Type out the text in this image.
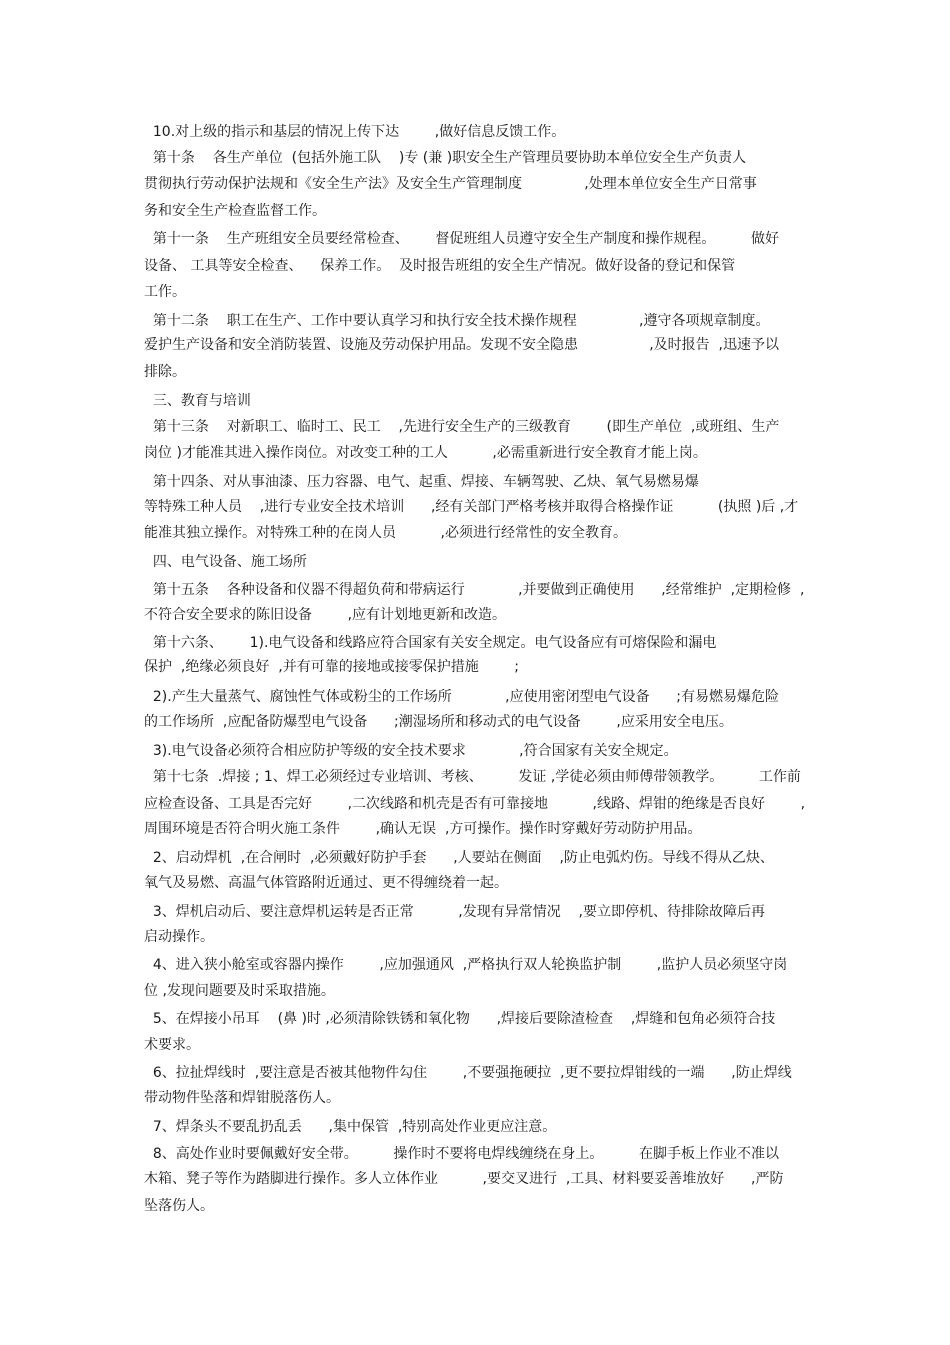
10.对上级的指示和基层的情况上传下达        ,做好信息反馈工作。
第十条    各生产单位  (包括外施工队    )专 (兼 )职安全生产管理员要协助本单位安全生产负责人
贯彻执行劳动保护法规和《安全生产法》及安全生产管理制度              ,处理本单位安全生产日常事
务和安全生产检查监督工作。
第十一条    生产班组安全员要经常检查、      督促班组人员遵守安全生产制度和操作规程。        做好
设备、 工具等安全检查、    保养工作。  及时报告班组的安全生产情况。做好设备的登记和保管
工作。
第十二条    职工在生产、工作中要认真学习和执行安全技术操作规程              ,遵守各项规章制度。
爱护生产设备和安全消防装置、设施及劳动保护用品。发现不安全隐患                ,及时报告  ,迅速予以
排除。
三、教育与培训
第十三条    对新职工、临时工、民工    ,先进行安全生产的三级教育        (即生产单位  ,或班组、生产
岗位 )才能准其进入操作岗位。对改变工种的工人          ,必需重新进行安全教育才能上岗。
第十四条、对从事油漆、压力容器、电气、起重、焊接、车辆驾驶、乙炔、氧气易燃易爆
等特殊工种人员    ,进行专业安全技术培训      ,经有关部门严格考核并取得合格操作证          (执照 )后 ,才
能准其独立操作。对特殊工种的在岗人员          ,必须进行经常性的安全教育。
四、电气设备、施工场所
第十五条    各种设备和仪器不得超负荷和带病运行            ,并要做到正确使用      ,经常维护  ,定期检修  ,
不符合安全要求的陈旧设备        ,应有计划地更新和改造。
第十六条、      1).电气设备和线路应符合国家有关安全规定。电气设备应有可熔保险和漏电
保护  ,绝缘必须良好  ,并有可靠的接地或接零保护措施        ;
2).产生大量蒸气、腐蚀性气体或粉尘的工作场所            ,应使用密闭型电气设备      ;有易燃易爆危险
的工作场所  ,应配备防爆型电气设备      ;潮湿场所和移动式的电气设备        ,应采用安全电压。
3).电气设备必须符合相应防护等级的安全技术要求            ,符合国家有关安全规定。
第十七条  .焊接 ; 1、焊工必须经过专业培训、考核、        发证 ,学徒必须由师傅带领教学。        工作前
应检查设备、工具是否完好        ,二次线路和机壳是否有可靠接地          ,线路、焊钳的绝缘是否良好        ,
周围环境是否符合明火施工条件        ,确认无误  ,方可操作。操作时穿戴好劳动防护用品。
2、启动焊机  ,在合闸时  ,必须戴好防护手套      ,人要站在侧面    ,防止电弧灼伤。导线不得从乙炔、
氧气及易燃、高温气体管路附近通过、更不得缠绕着一起。
3、焊机启动后、要注意焊机运转是否正常          ,发现有异常情况    ,要立即停机、待排除故障后再
启动操作。
4、进入狭小舱室或容器内操作        ,应加强通风  ,严格执行双人轮换监护制        ,监护人员必须坚守岗
位 ,发现问题要及时采取措施。
5、在焊接小吊耳    (鼻 )时 ,必须清除铁锈和氧化物      ,焊接后要除渣检查    ,焊缝和包角必须符合技
术要求。
6、拉扯焊线时  ,要注意是否被其他物件勾住        ,不要强拖硬拉  ,更不要拉焊钳线的一端      ,防止焊线
带动物件坠落和焊钳脱落伤人。
7、焊条头不要乱扔乱丢      ,集中保管  ,特别高处作业更应注意。
8、高处作业时要佩戴好安全带。        操作时不要将电焊线缠绕在身上。        在脚手板上作业不准以
木箱、凳子等作为踏脚进行操作。多人立体作业          ,要交叉进行  ,工具、材料要妥善堆放好      ,严防
坠落伤人。
